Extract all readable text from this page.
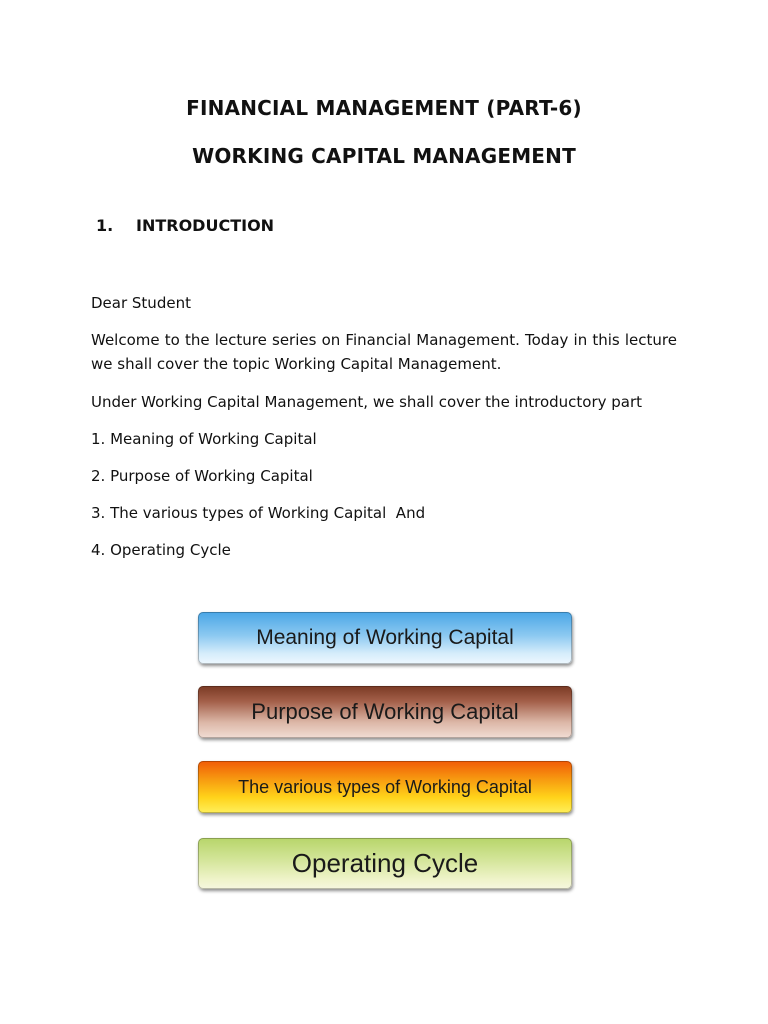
FINANCIAL MANAGEMENT (PART-6)
WORKING CAPITAL MANAGEMENT
1. INTRODUCTION

Dear Student

Welcome to the lecture series on Financial Management. Today in this lecture we shall cover the topic Working Capital Management.

Under Working Capital Management, we shall cover the introductory part

1. Meaning of Working Capital

2. Purpose of Working Capital

3. The various types of Working Capital  And

4. Operating Cycle

Meaning of Working Capital
Purpose of Working Capital
The various types of Working Capital
Operating Cycle
